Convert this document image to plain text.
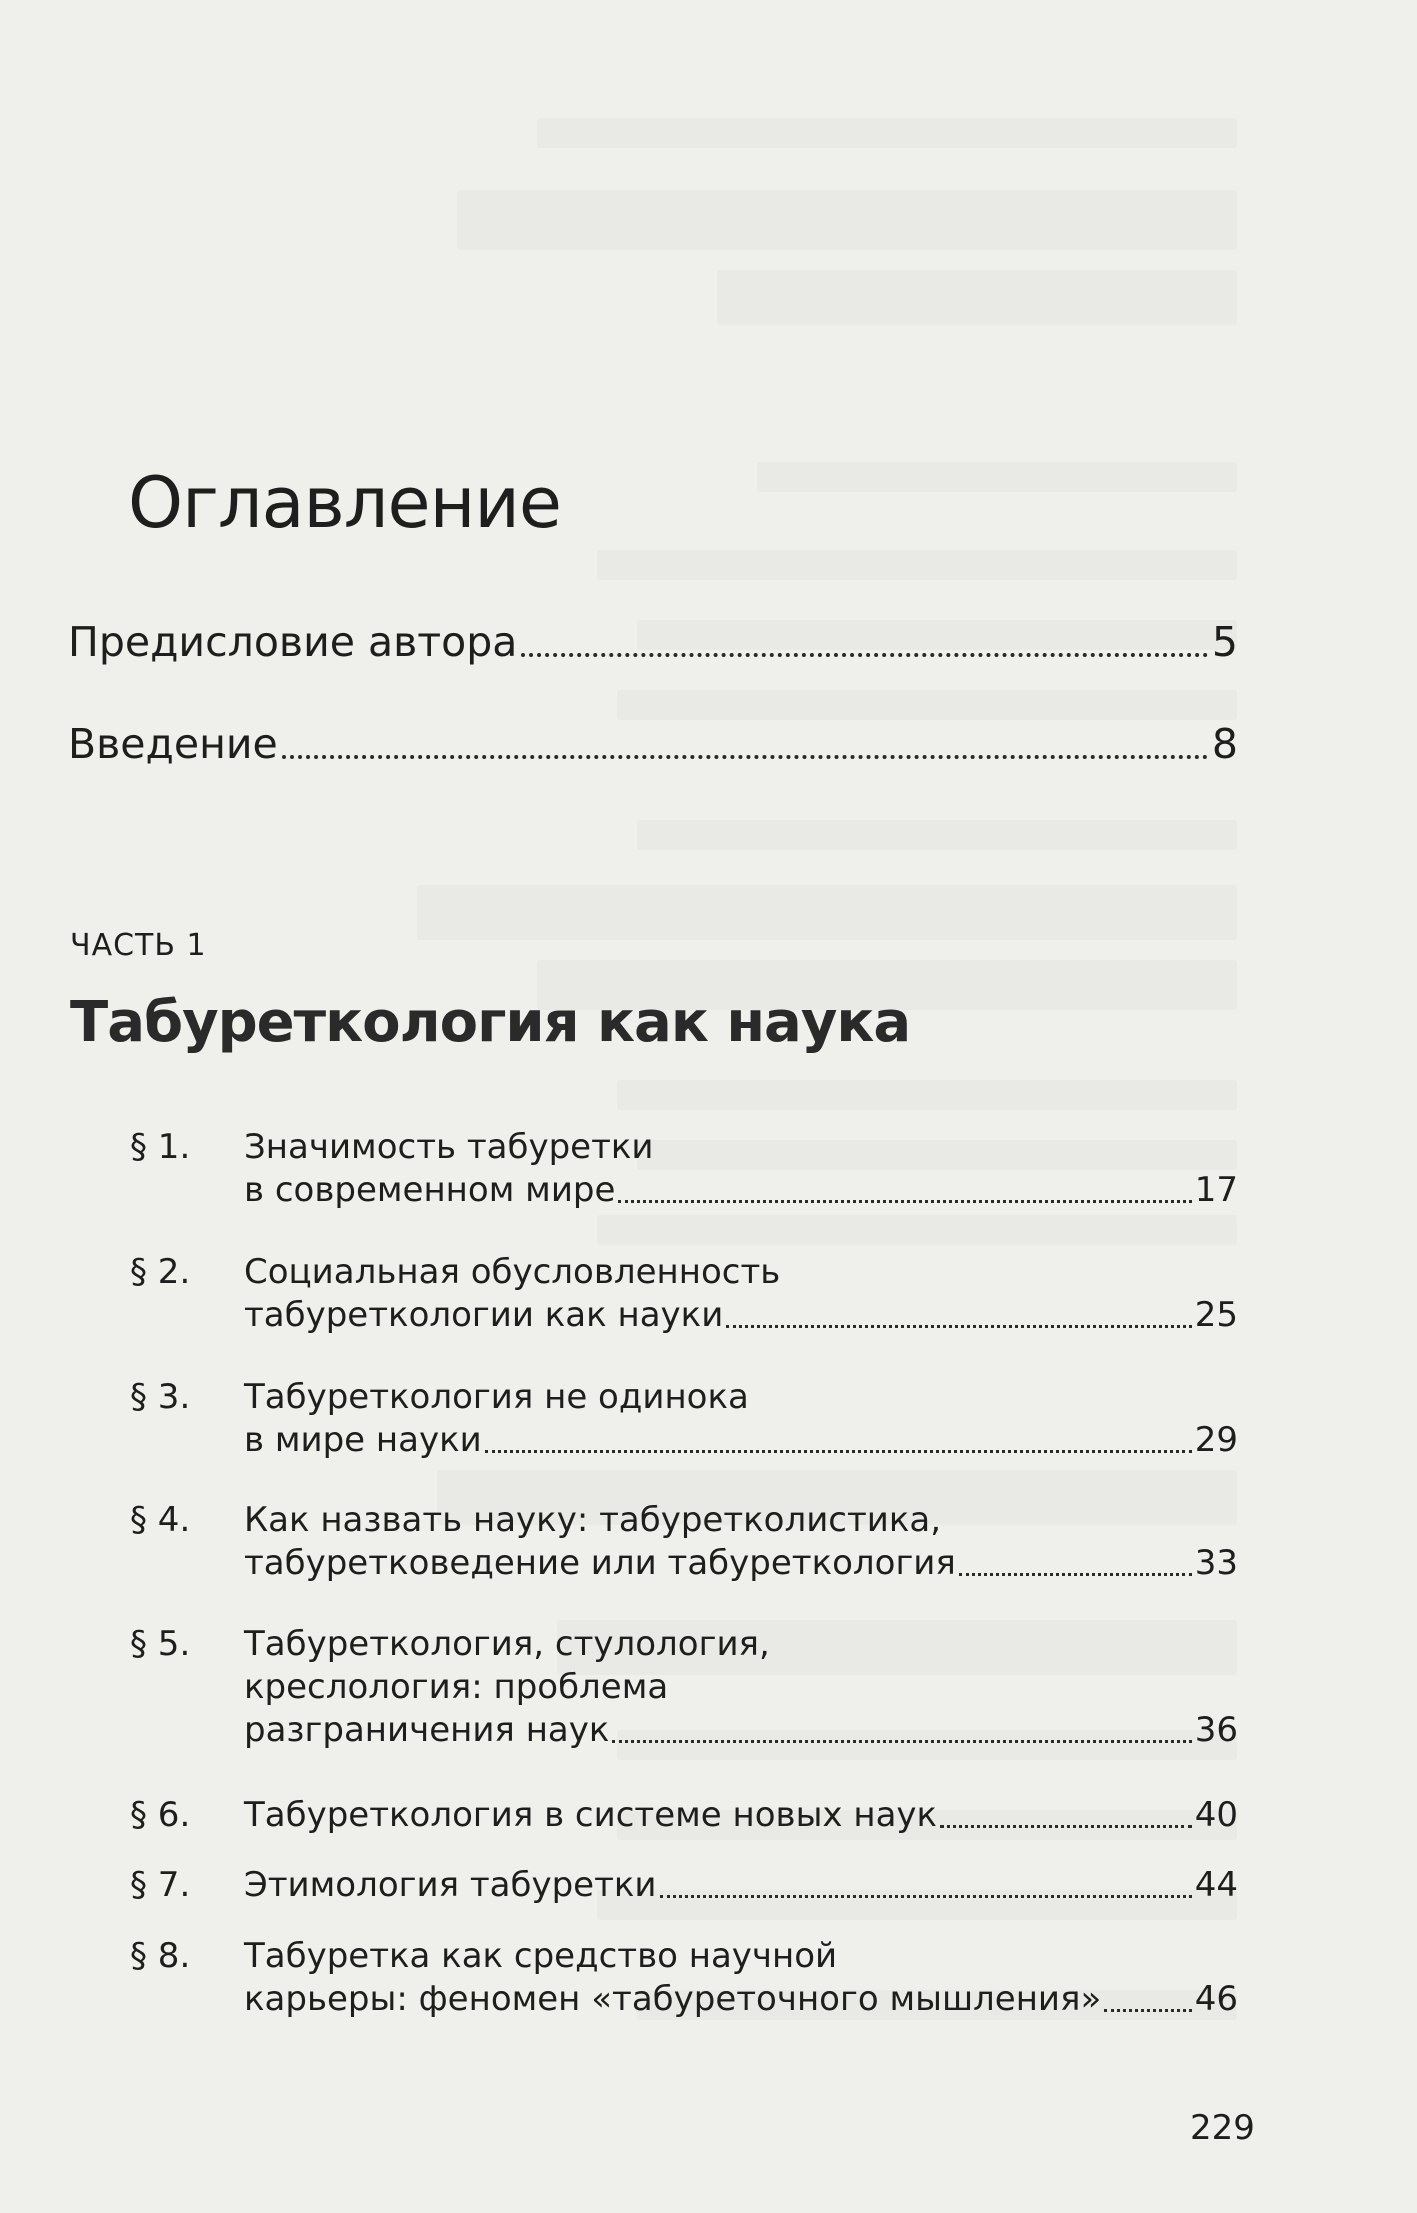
Оглавление
Предисловие автора	5
Введение	8
ЧАСТЬ 1
Табуреткология как наука
§ 1. Значимость табуретки
в современном мире	17
§ 2. Социальная обусловленность
табуреткологии как науки	25
§ 3. Табуреткология не одинока
в мире науки	29
§ 4. Как назвать науку: табуретколистика,
табуретковедение или табуреткология	33
§ 5. Табуреткология, стулология,
креслология: проблема
разграничения наук	36
§ 6. Табуреткология в системе новых наук	40
§ 7. Этимология табуретки	44
§ 8. Табуретка как средство научной
карьеры: феномен «табуреточного мышления»	46
229
